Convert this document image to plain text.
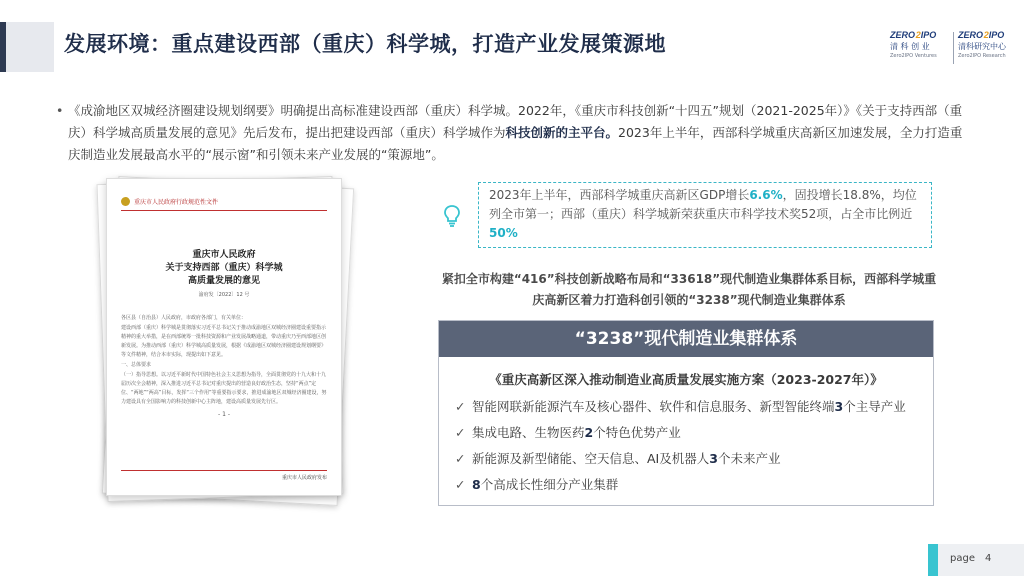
发展环境：重点建设西部（重庆）科学城，打造产业发展策源地	ZERO 2IPO
清 科 创 业
Zero2IPO Ventures
ZERO 2IPO
清科研究中心
Zero2IPO Research
• 《成渝地区双城经济圈建设规划纲要》明确提出高标准建设西部（重庆）科学城。2022年，《重庆市科技创新“十四五”规划（2021-2025年）》《关于支持西部（重庆）科学城高质量发展的意见》先后发布，提出把建设西部（重庆）科学城作为科技创新的主平台。2023年上半年，西部科学城重庆高新区加速发展，全力打造重庆制造业发展最高水平的“展示窗”和引领未来产业发展的“策源地”。
重庆市人民政府行政规范性文件
重庆市人民政府
关于支持西部（重庆）科学城
高质量发展的意见
渝府发〔2022〕12 号

各区县（自治县）人民政府，市政府各部门，有关单位：

建设西部（重庆）科学城是贯彻落实习近平总书记关于推动成渝地区双城经济圈建设重要指示精神的重大举措，是在西部统筹一批科技资源和产业发展战略通道，带动重庆乃至西部地区创新发展。为推动西部（重庆）科学城高质量发展，根据《成渝地区双城经济圈建设规划纲要》等文件精神，结合本市实际，现提出如下意见。

一、总体要求

（一）指导思想。以习近平新时代中国特色社会主义思想为指导，全面贯彻党的十九大和十九届历次全会精神，深入推进习近平总书记对重庆提出的营造良好政治生态，坚持“两点”定位、“两地”“两高”目标，发挥“三个作用”等重要指示要求，推进成渝地区双城经济圈建设，努力建设具有全国影响力的科技创新中心主阵地，建设高质量发展先行区。

- 1 -
重庆市人民政府发布
2023年上半年，西部科学城重庆高新区GDP增长6.6%，固投增长18.8%，均位列全市第一；西部（重庆）科学城新荣获重庆市科学技术奖52项，占全市比例近50%
紧扣全市构建“416”科技创新战略布局和“33618”现代制造业集群体系目标，西部科学城重庆高新区着力打造科创引领的“3238”现代制造业集群体系
“3238”现代制造业集群体系
《重庆高新区深入推动制造业高质量发展实施方案（2023-2027年）》
✓ 智能网联新能源汽车及核心器件、软件和信息服务、新型智能终端3个主导产业
✓ 集成电路、生物医药2个特色优势产业
✓ 新能源及新型储能、空天信息、AI及机器人3个未来产业
✓ 8个高成长性细分产业集群
page 4
